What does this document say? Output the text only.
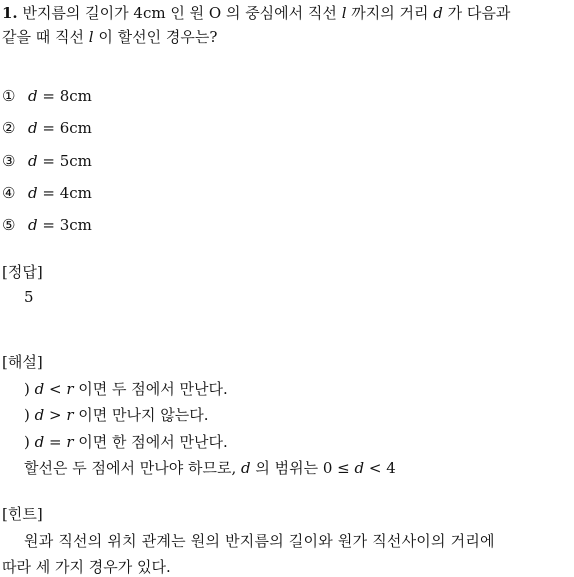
1. 반지름의 길이가 4cm 인 원 O 의 중심에서 직선 l 까지의 거리 d 가 다음과
같을 때 직선 l 이 할선인 경우는?
① d = 8cm
② d = 6cm
③ d = 5cm
④ d = 4cm
⑤ d = 3cm
[정답]
5
[해설]
) d < r 이면 두 점에서 만난다.
) d > r 이면 만나지 않는다.
) d = r 이면 한 점에서 만난다.
할선은 두 점에서 만나야 하므로, d 의 범위는 0 ≤ d < 4
[힌트]
원과 직선의 위치 관계는 원의 반지름의 길이와 원가 직선사이의 거리에
따라 세 가지 경우가 있다.
